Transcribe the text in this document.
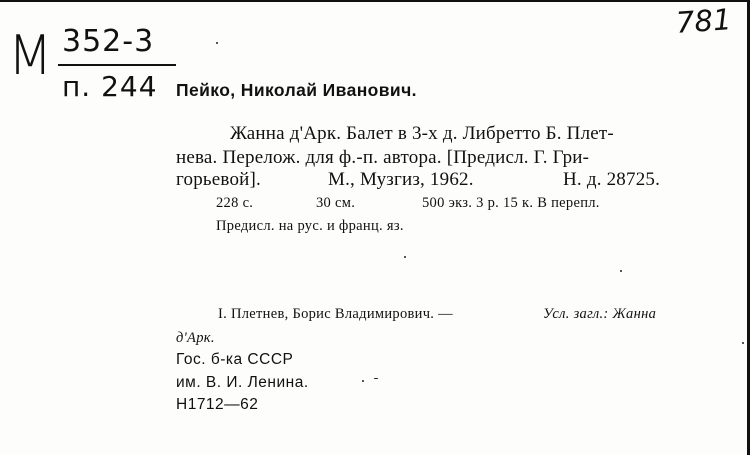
M 352-3
п. 244
781
Пейко, Николай Иванович.
Жанна д'Арк. Балет в 3-х д. Либретто Б. Плет-
нева. Перелож. для ф.-п. автора. [Предисл. Г. Гри-
горьевой].	М., Музгиз, 1962.	Н. д. 28725.
228 с.	30 см.	500 экз. 3 р. 15 к. В перепл.
Предисл. на рус. и франц. яз.
I. Плетнев, Борис Владимирович. —	Усл. загл.: Жанна
д'Арк.
Гос. б-ка СССР
им. В. И. Ленина.
Н1712—62
